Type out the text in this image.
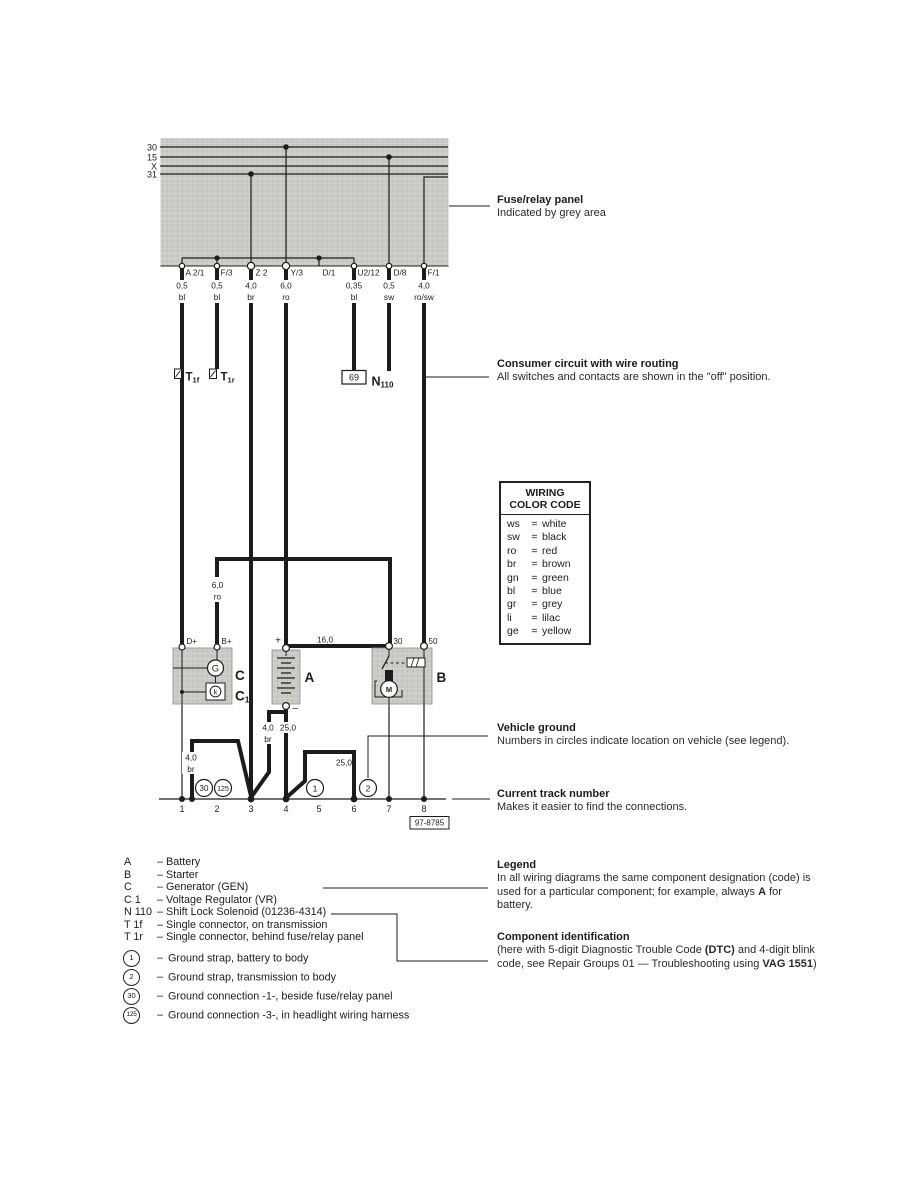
30
15
X
31
A 2/1 F/3	Z 2	Y/3 D/1	U2/12 D/8	F/1
0,5
bl
0,5
bl
4,0
br
6,0
ro
0,35
bl
0,5
sw
4,0
ro/sw
T1f T1r	69 N110
6,0
ro
16,0
G
k
D+	B+
C
C1
+
–
A
M
30	50
B
4,0
br
4,0
br
25,0
25,0
30 125	1	2
1	2	3	4	5	6	7	8
97-8785
Fuse/relay panel
Indicated by grey area
Consumer circuit with wire routing
All switches and contacts are shown in the "off" position.
WIRING
COLOR CODE
ws	= white
sw	= black
ro	= red
br	= brown
gn	= green
bl	= blue
gr	= grey
li	= lilac
ge	= yellow
Vehicle ground
Numbers in circles indicate location on vehicle (see legend).
Current track number
Makes it easier to find the connections.
Legend
In all wiring diagrams the same component designation (code) is used for a particular component; for example, always A for battery.
Component identification
(here with 5-digit Diagnostic Trouble Code (DTC) and 4-digit blink code, see Repair Groups 01 — Troubleshooting using VAG 1551)
A – Battery
B – Starter
C – Generator (GEN)
C 1 – Voltage Regulator (VR)
N 110 – Shift Lock Solenoid (01236-4314)
T 1f – Single connector, on transmission
T 1r – Single connector, behind fuse/relay panel
1 – Ground strap, battery to body
2 – Ground strap, transmission to body
30 – Ground connection -1-, beside fuse/relay panel
125 – Ground connection -3-, in headlight wiring harness
